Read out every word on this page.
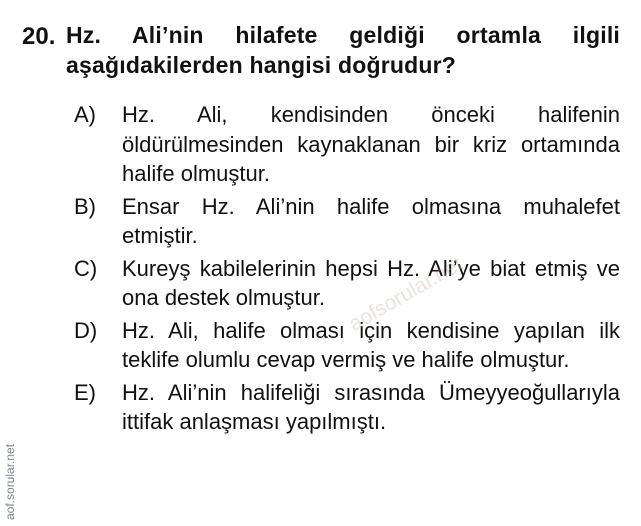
20. Hz. Ali’nin hilafete geldiği ortamla ilgili aşağıdakilerden hangisi doğrudur?
A) Hz. Ali, kendisinden önceki halifenin öldürülmesinden kaynaklanan bir kriz ortamında halife olmuştur.
B) Ensar Hz. Ali’nin halife olmasına muhalefet etmiştir.
C) Kureyş kabilelerinin hepsi Hz. Ali’ye biat etmiş ve ona destek olmuştur.
D) Hz. Ali, halife olması için kendisine yapılan ilk teklife olumlu cevap vermiş ve halife olmuştur.
E) Hz. Ali’nin halifeliği sırasında Ümeyyeoğullarıyla ittifak anlaşması yapılmıştı.
aofsorular.net
aof.sorular.net
